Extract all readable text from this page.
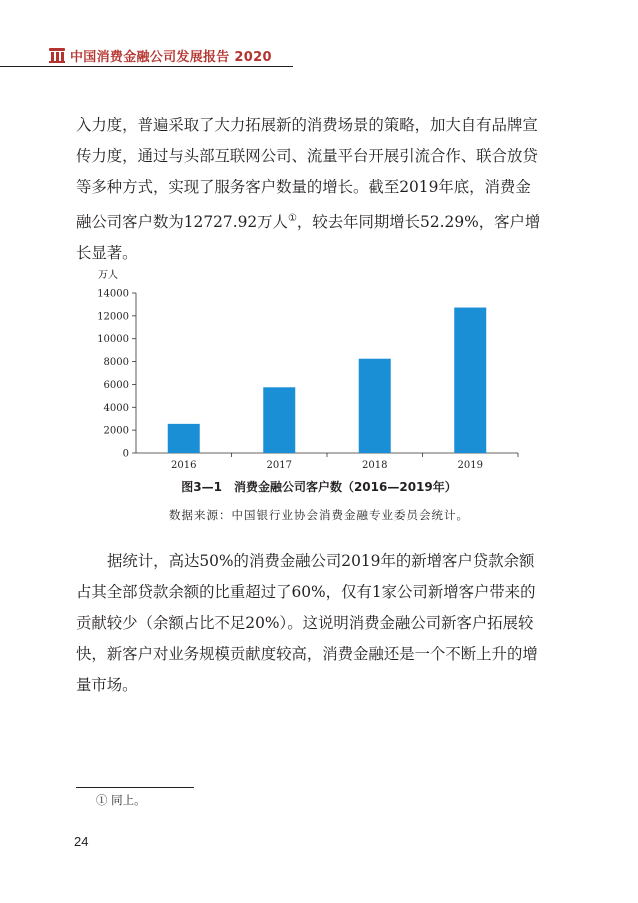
中国消费金融公司发展报告 2020

入力度，普遍采取了大力拓展新的消费场景的策略，加大自有品牌宣传力度，通过与头部互联网公司、流量平台开展引流合作、联合放贷等多种方式，实现了服务客户数量的增长。截至2019年底，消费金融公司客户数为12727.92万人①，较去年同期增长52.29%，客户增长显著。

万人
0
2000
4000
6000
8000
10000
12000
14000
2016	2017	2018	2019
图3—1　消费金融公司客户数（2016—2019年）
数据来源：中国银行业协会消费金融专业委员会统计。

据统计，高达50%的消费金融公司2019年的新增客户贷款余额占其全部贷款余额的比重超过了60%，仅有1家公司新增客户带来的贡献较少（余额占比不足20%）。这说明消费金融公司新客户拓展较快，新客户对业务规模贡献度较高，消费金融还是一个不断上升的增量市场。

① 同上。
24
